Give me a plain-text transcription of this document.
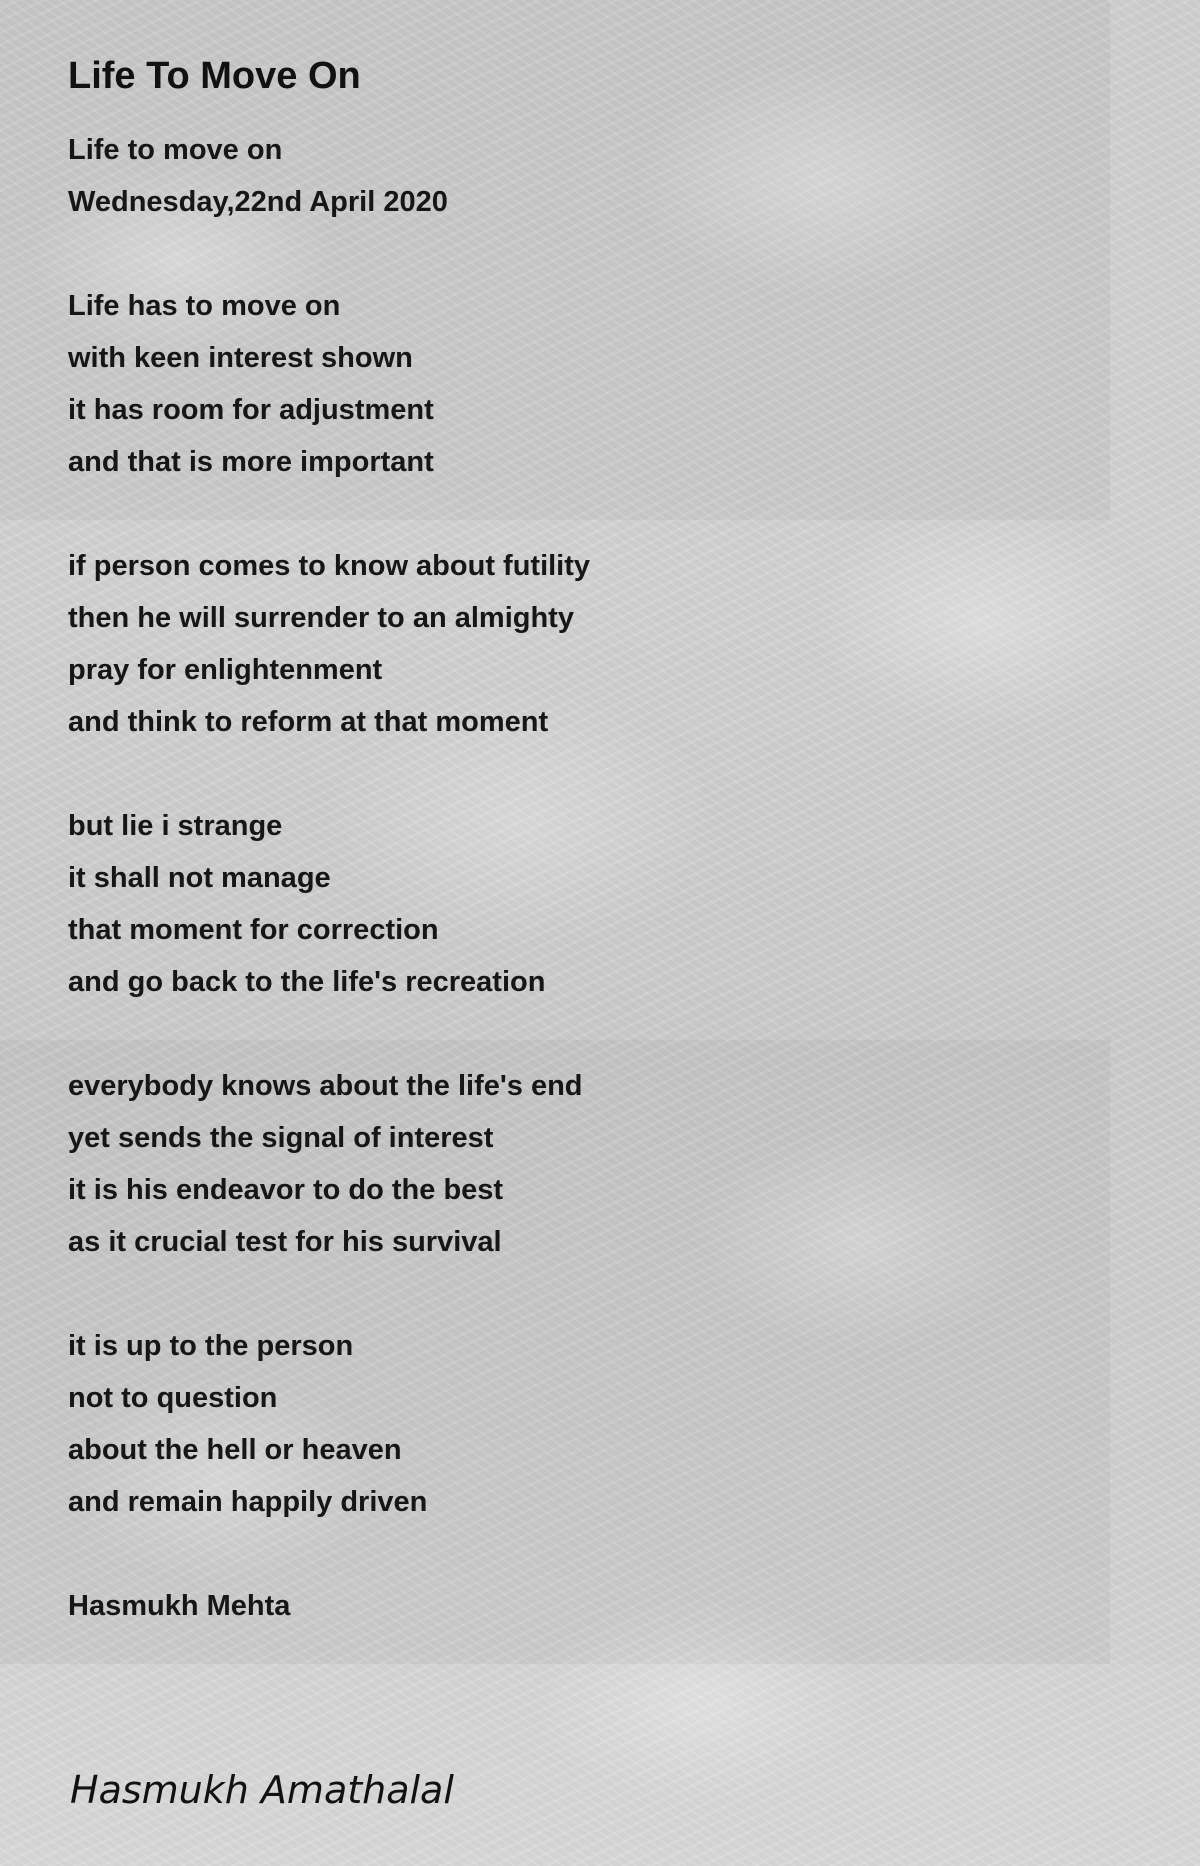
Life To Move On
Life to move on
Wednesday,22nd April 2020
Life has to move on
with keen interest shown
it has room for adjustment
and that is more important
if person comes to know about futility
then he will surrender to an almighty
pray for enlightenment
and think to reform at that moment
but lie i strange
it shall not manage
that moment for correction
and go back to the life's recreation
everybody knows about the life's end
yet sends the signal of interest
it is his endeavor to do the best
as it crucial test for his survival
it is up to the person
not to question
about the hell or heaven
and remain happily driven
Hasmukh Mehta
Hasmukh Amathalal
